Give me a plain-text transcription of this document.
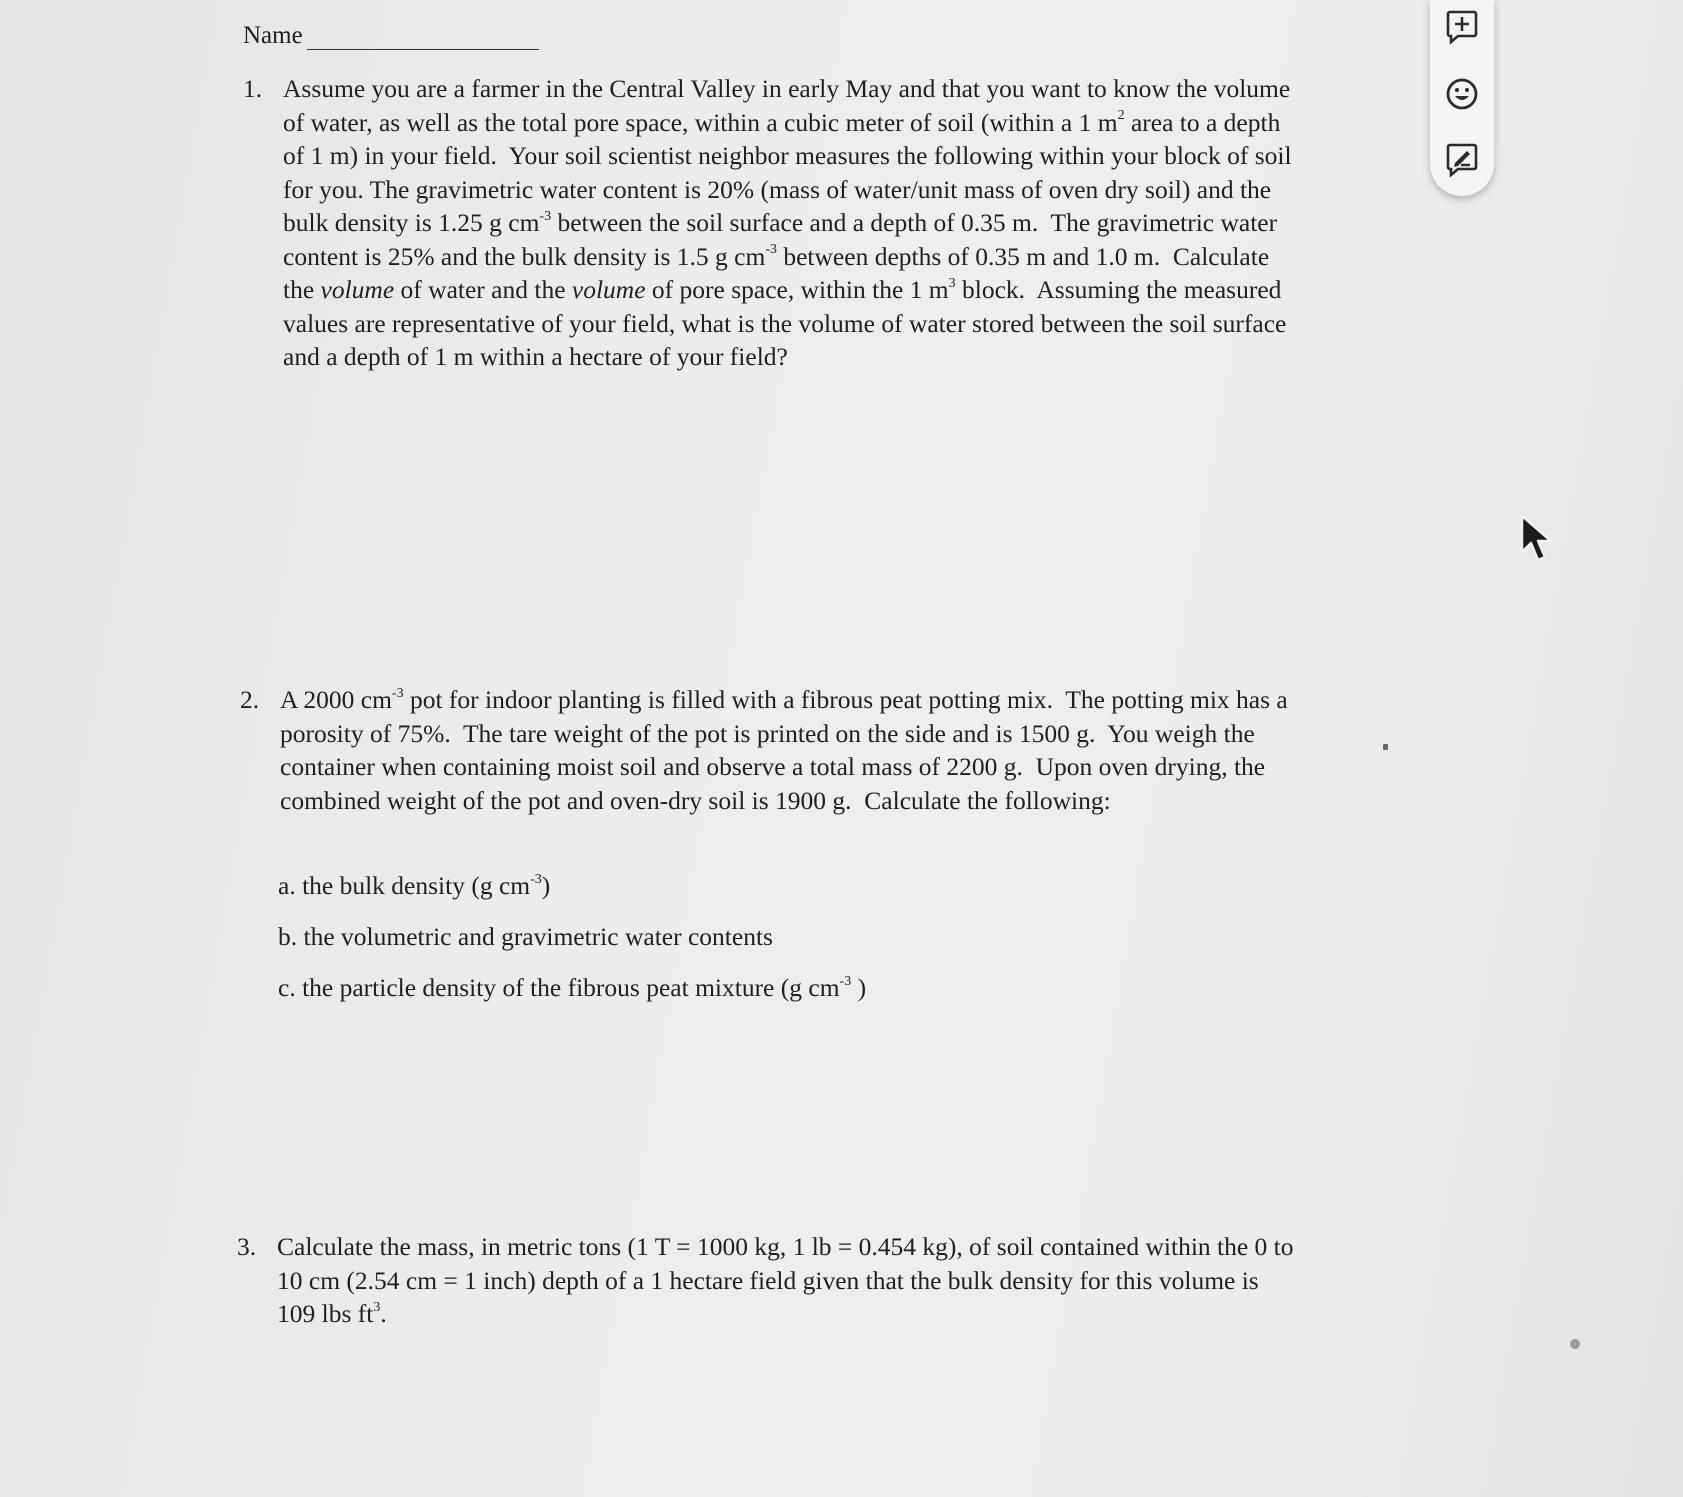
Name
1. Assume you are a farmer in the Central Valley in early May and that you want to know the volume of water, as well as the total pore space, within a cubic meter of soil (within a 1 $m^2$ area to a depth of 1 m) in your field.  Your soil scientist neighbor measures the following within your block of soil for you. The gravimetric water content is 20% (mass of water/unit mass of oven dry soil) and the bulk density is 1.25 g $cm^{-3}$ between the soil surface and a depth of 0.35 m.  The gravimetric water content is 25% and the bulk density is 1.5 g $cm^{-3}$ between depths of 0.35 m and 1.0 m.  Calculate the volume of water and the volume of pore space, within the 1 $m^3$ block.  Assuming the measured values are representative of your field, what is the volume of water stored between the soil surface and a depth of 1 m within a hectare of your field?
2. A 2000 $cm^{-3}$ pot for indoor planting is filled with a fibrous peat potting mix.  The potting mix has a porosity of 75%.  The tare weight of the pot is printed on the side and is 1500 g.  You weigh the container when containing moist soil and observe a total mass of 2200 g.  Upon oven drying, the combined weight of the pot and oven-dry soil is 1900 g.  Calculate the following:
a. the bulk density (g $cm^{-3}$)
b. the volumetric and gravimetric water contents
c. the particle density of the fibrous peat mixture (g $cm^{-3}$ )
3. Calculate the mass, in metric tons (1 T = 1000 kg, 1 lb = 0.454 kg), of soil contained within the 0 to 10 cm (2.54 cm = 1 inch) depth of a 1 hectare field given that the bulk density for this volume is 109 lbs $ft^3$.
